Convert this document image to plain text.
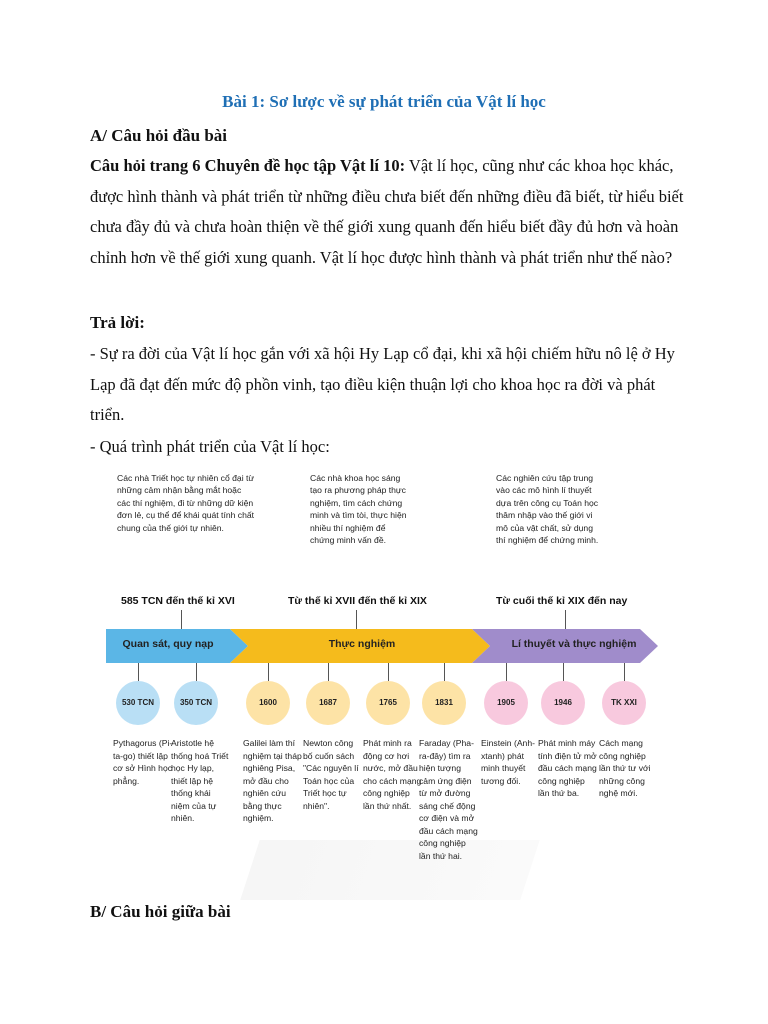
Bài 1: Sơ lược về sự phát triển của Vật lí học
A/ Câu hỏi đầu bài
Câu hỏi trang 6 Chuyên đề học tập Vật lí 10: Vật lí học, cũng như các khoa học khác, được hình thành và phát triển từ những điều chưa biết đến những điều đã biết, từ hiểu biết chưa đầy đủ và chưa hoàn thiện về thế giới xung quanh đến hiểu biết đầy đủ hơn và hoàn chỉnh hơn về thế giới xung quanh. Vật lí học được hình thành và phát triển như thế nào?
Trả lời:
- Sự ra đời của Vật lí học gắn với xã hội Hy Lạp cổ đại, khi xã hội chiếm hữu nô lệ ở Hy Lạp đã đạt đến mức độ phồn vinh, tạo điều kiện thuận lợi cho khoa học ra đời và phát triển.
- Quá trình phát triển của Vật lí học:
Các nhà Triết học tự nhiên cổ đại từ những cảm nhận bằng mắt hoặc các thí nghiệm, đi từ những dữ kiện đơn lẻ, cụ thể để khái quát tính chất chung của thế giới tự nhiên.
Các nhà khoa học sáng tạo ra phương pháp thực nghiệm, tìm cách chứng minh và tìm tòi, thực hiện nhiều thí nghiệm để chứng minh vấn đề.
Các nghiên cứu tập trung vào các mô hình lí thuyết dựa trên công cụ Toán học thâm nhập vào thế giới vi mô của vật chất, sử dụng thí nghiệm để chứng minh.
585 TCN đến thế kỉ XVI	Từ thế kỉ XVII đến thế kỉ XIX	Từ cuối thế kỉ XIX đến nay
Quan sát, quy nạp	Thực nghiệm	Lí thuyết và thực nghiệm
530 TCN
Pythagorus (Pi-ta-go) thiết lập cơ sở Hình học phẳng.
350 TCN
Aristotle hệ thống hoá Triết học Hy lạp, thiết lập hệ thống khái niệm của tự nhiên.
1600
Galilei làm thí nghiệm tại tháp nghiêng Pisa, mở đầu cho nghiên cứu bằng thực nghiệm.
1687
Newton công bố cuốn sách "Các nguyên lí Toán học của Triết học tự nhiên".
1765
Phát minh ra động cơ hơi nước, mở đầu cho cách mạng công nghiệp lần thứ nhất.
1831
Faraday (Pha-ra-đây) tìm ra hiện tượng cảm ứng điện từ mở đường sáng chế động cơ điện và mở đầu cách mạng công nghiệp lần thứ hai.
1905
Einstein (Anh-xtanh) phát minh thuyết tương đối.
1946
Phát minh máy tính điện tử mở đầu cách mạng công nghiệp lần thứ ba.
TK XXI
Cách mạng công nghiệp lần thứ tư với những công nghệ mới.
B/ Câu hỏi giữa bài
